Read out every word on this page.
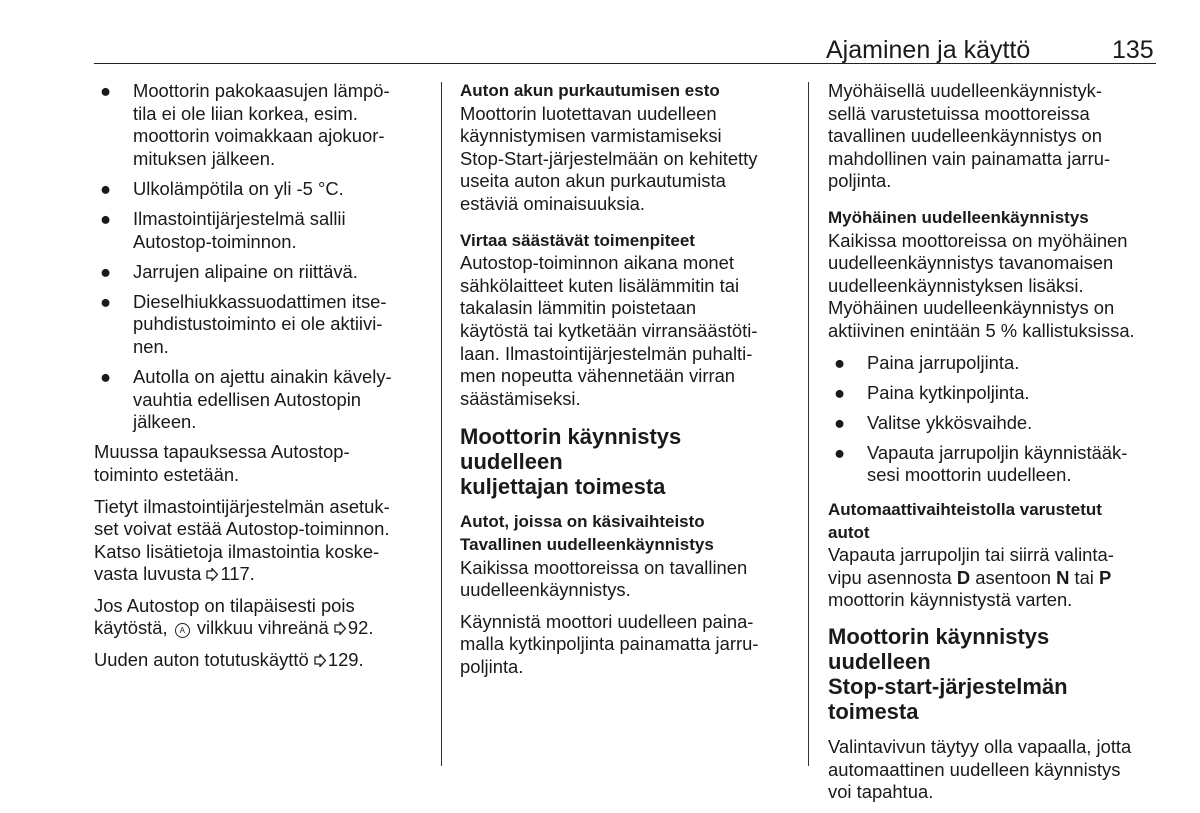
Ajaminen ja käyttö	135
● Moottorin pakokaasujen lämpö-
tila ei ole liian korkea, esim.
moottorin voimakkaan ajokuor-
mituksen jälkeen.
● Ulkolämpötila on yli -5 °C.
● Ilmastointijärjestelmä sallii
Autostop-toiminnon.
● Jarrujen alipaine on riittävä.
● Dieselhiukkassuodattimen itse-
puhdistustoiminto ei ole aktiivi-
nen.
● Autolla on ajettu ainakin kävely-
vauhtia edellisen Autostopin
jälkeen.

Muussa tapauksessa Autostop-
toiminto estetään.

Tietyt ilmastointijärjestelmän asetuk-
set voivat estää Autostop-toiminnon.
Katso lisätietoja ilmastointia koske-
vasta luvusta 117.

Jos Autostop on tilapäisesti pois
käytöstä, A vilkkuu vihreänä 92.

Uuden auton totutuskäyttö 129.

Auton akun purkautumisen esto

Moottorin luotettavan uudelleen
käynnistymisen varmistamiseksi
Stop-Start-järjestelmään on kehitetty
useita auton akun purkautumista
estäviä ominaisuuksia.

Virtaa säästävät toimenpiteet

Autostop-toiminnon aikana monet
sähkölaitteet kuten lisälämmitin tai
takalasin lämmitin poistetaan
käytöstä tai kytketään virransäästöti-
laan. Ilmastointijärjestelmän puhalti-
men nopeutta vähennetään virran
säästämiseksi.

Moottorin käynnistys uudelleen
kuljettajan toimesta
Autot, joissa on käsivaihteisto
Tavallinen uudelleenkäynnistys

Kaikissa moottoreissa on tavallinen
uudelleenkäynnistys.

Käynnistä moottori uudelleen paina-
malla kytkinpoljinta painamatta jarru-
poljinta.

Myöhäisellä uudelleenkäynnistyk-
sellä varustetuissa moottoreissa
tavallinen uudelleenkäynnistys on
mahdollinen vain painamatta jarru-
poljinta.

Myöhäinen uudelleenkäynnistys

Kaikissa moottoreissa on myöhäinen
uudelleenkäynnistys tavanomaisen
uudelleenkäynnistyksen lisäksi.
Myöhäinen uudelleenkäynnistys on
aktiivinen enintään 5 % kallistuksissa.

● Paina jarrupoljinta.
● Paina kytkinpoljinta.
● Valitse ykkösvaihde.
● Vapauta jarrupoljin käynnistääk-
sesi moottorin uudelleen.
Automaattivaihteistolla varustetut
autot

Vapauta jarrupoljin tai siirrä valinta-
vipu asennosta D asentoon N tai P
moottorin käynnistystä varten.

Moottorin käynnistys uudelleen
Stop-start-järjestelmän toimesta

Valintavivun täytyy olla vapaalla, jotta
automaattinen uudelleen käynnistys
voi tapahtua.
